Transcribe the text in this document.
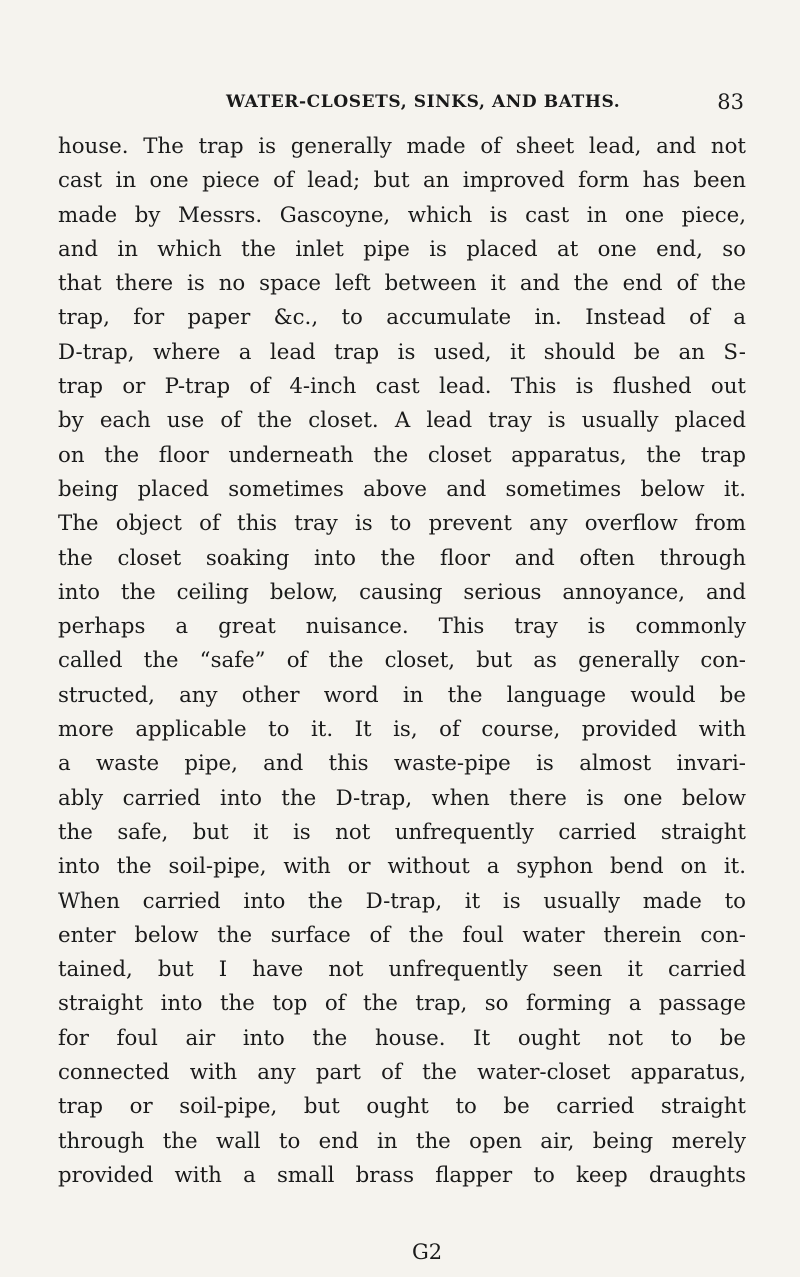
WATER-CLOSETS, SINKS, AND BATHS.	83
house. The trap is generally made of sheet lead, and not
cast in one piece of lead; but an improved form has been
made by Messrs. Gascoyne, which is cast in one piece,
and in which the inlet pipe is placed at one end, so
that there is no space left between it and the end of the
trap, for paper &c., to accumulate in. Instead of a
D-trap, where a lead trap is used, it should be an S-
trap or P-trap of 4-inch cast lead. This is flushed out
by each use of the closet. A lead tray is usually placed
on the floor underneath the closet apparatus, the trap
being placed sometimes above and sometimes below it.
The object of this tray is to prevent any overflow from
the closet soaking into the floor and often through
into the ceiling below, causing serious annoyance, and
perhaps a great nuisance. This tray is commonly
called the “safe” of the closet, but as generally con-
structed, any other word in the language would be
more applicable to it. It is, of course, provided with
a waste pipe, and this waste-pipe is almost invari-
ably carried into the D-trap, when there is one below
the safe, but it is not unfrequently carried straight
into the soil-pipe, with or without a syphon bend on it.
When carried into the D-trap, it is usually made to
enter below the surface of the foul water therein con-
tained, but I have not unfrequently seen it carried
straight into the top of the trap, so forming a passage
for foul air into the house. It ought not to be
connected with any part of the water-closet apparatus,
trap or soil-pipe, but ought to be carried straight
through the wall to end in the open air, being merely
provided with a small brass flapper to keep draughts
G2
